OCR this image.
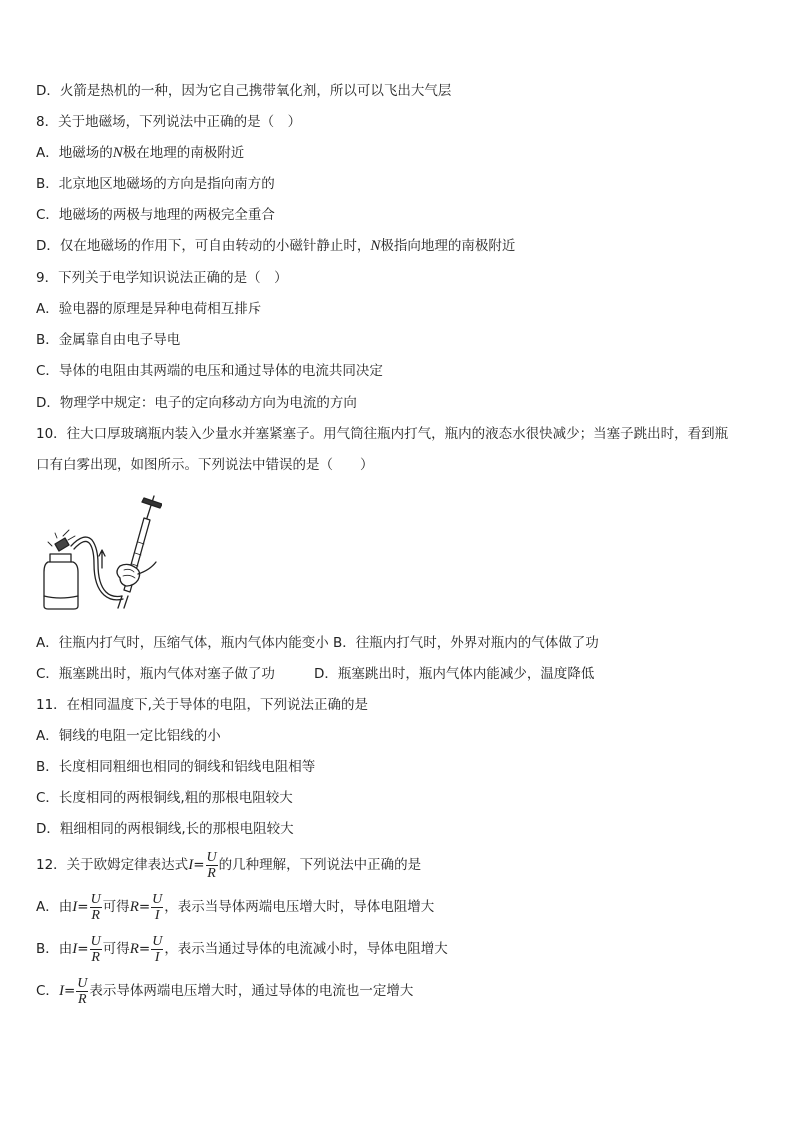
D．火箭是热机的一种，因为它自己携带氧化剂，所以可以飞出大气层
8．关于地磁场，下列说法中正确的是（　）
A．地磁场的N极在地理的南极附近
B．北京地区地磁场的方向是指向南方的
C．地磁场的两极与地理的两极完全重合
D．仅在地磁场的作用下，可自由转动的小磁针静止时，N极指向地理的南极附近
9．下列关于电学知识说法正确的是（　）
A．验电器的原理是异种电荷相互排斥
B．金属靠自由电子导电
C．导体的电阻由其两端的电压和通过导体的电流共同决定
D．物理学中规定：电子的定向移动方向为电流的方向
10．往大口厚玻璃瓶内装入少量水并塞紧塞子。用气筒往瓶内打气，瓶内的液态水很快减少；当塞子跳出时，看到瓶
口有白雾出现，如图所示。下列说法中错误的是（　　）
A．往瓶内打气时，压缩气体，瓶内气体内能变小 B．往瓶内打气时，外界对瓶内的气体做了功
C．瓶塞跳出时，瓶内气体对塞子做了功	D．瓶塞跳出时，瓶内气体内能减少，温度降低
11．在相同温度下,关于导体的电阻，下列说法正确的是
A．铜线的电阻一定比铝线的小
B．长度相同粗细也相同的铜线和铝线电阻相等
C．长度相同的两根铜线,粗的那根电阻较大
D．粗细相同的两根铜线,长的那根电阻较大
12．关于欧姆定律表达式$I= \frac{U}{R}$ 的几种理解，下列说法中正确的是
A．由$I= \frac{U}{R}$ 可得$R= \frac{U}{I}$ ，表示当导体两端电压增大时，导体电阻增大
B．由$I= \frac{U}{R}$ 可得$R= \frac{U}{I}$ ，表示当通过导体的电流减小时，导体电阻增大
C．$I= \frac{U}{R}$ 表示导体两端电压增大时，通过导体的电流也一定增大
